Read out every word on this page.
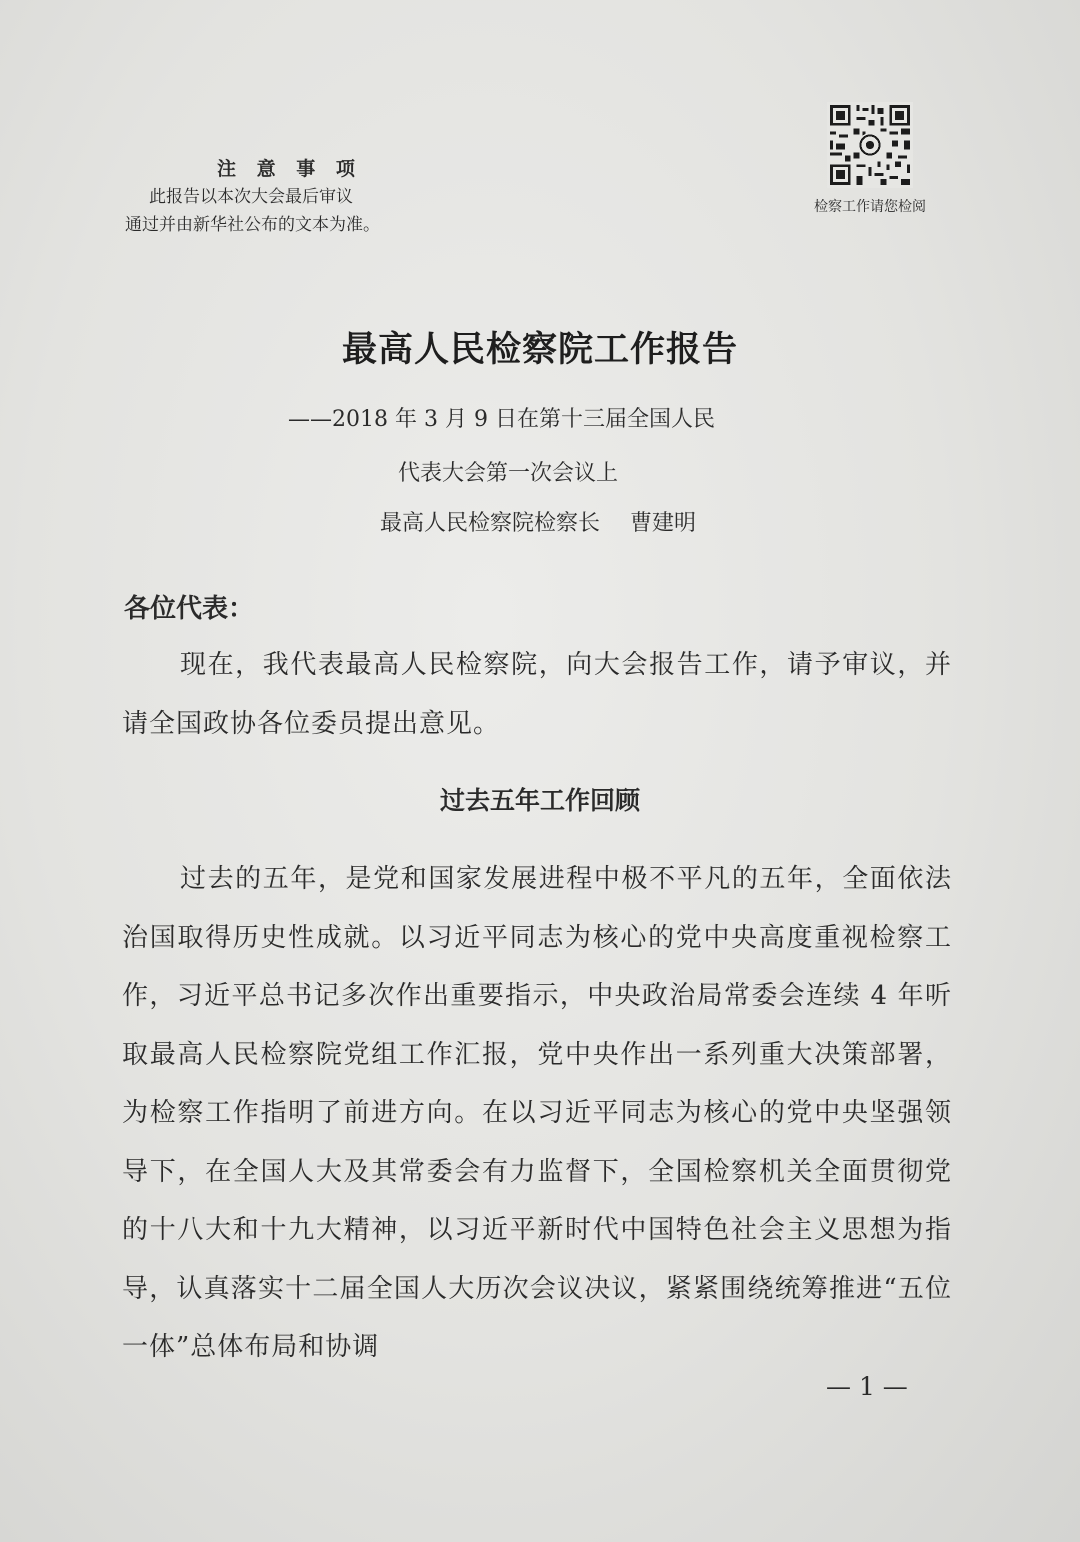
注 意 事 项
此报告以本次大会最后审议
通过并由新华社公布的文本为准。
检察工作请您检阅
最高人民检察院工作报告
——2018 年 3 月 9 日在第十三届全国人民
代表大会第一次会议上
最高人民检察院检察长 曹建明
各位代表：
现在，我代表最高人民检察院，向大会报告工作，请予审议，并请全国政协各位委员提出意见。
过去五年工作回顾
过去的五年，是党和国家发展进程中极不平凡的五年，全面依法治国取得历史性成就。以习近平同志为核心的党中央高度重视检察工作，习近平总书记多次作出重要指示，中央政治局常委会连续 4 年听取最高人民检察院党组工作汇报，党中央作出一系列重大决策部署，为检察工作指明了前进方向。在以习近平同志为核心的党中央坚强领导下，在全国人大及其常委会有力监督下，全国检察机关全面贯彻党的十八大和十九大精神，以习近平新时代中国特色社会主义思想为指导，认真落实十二届全国人大历次会议决议，紧紧围绕统筹推进“五位一体”总体布局和协调
— 1 —
